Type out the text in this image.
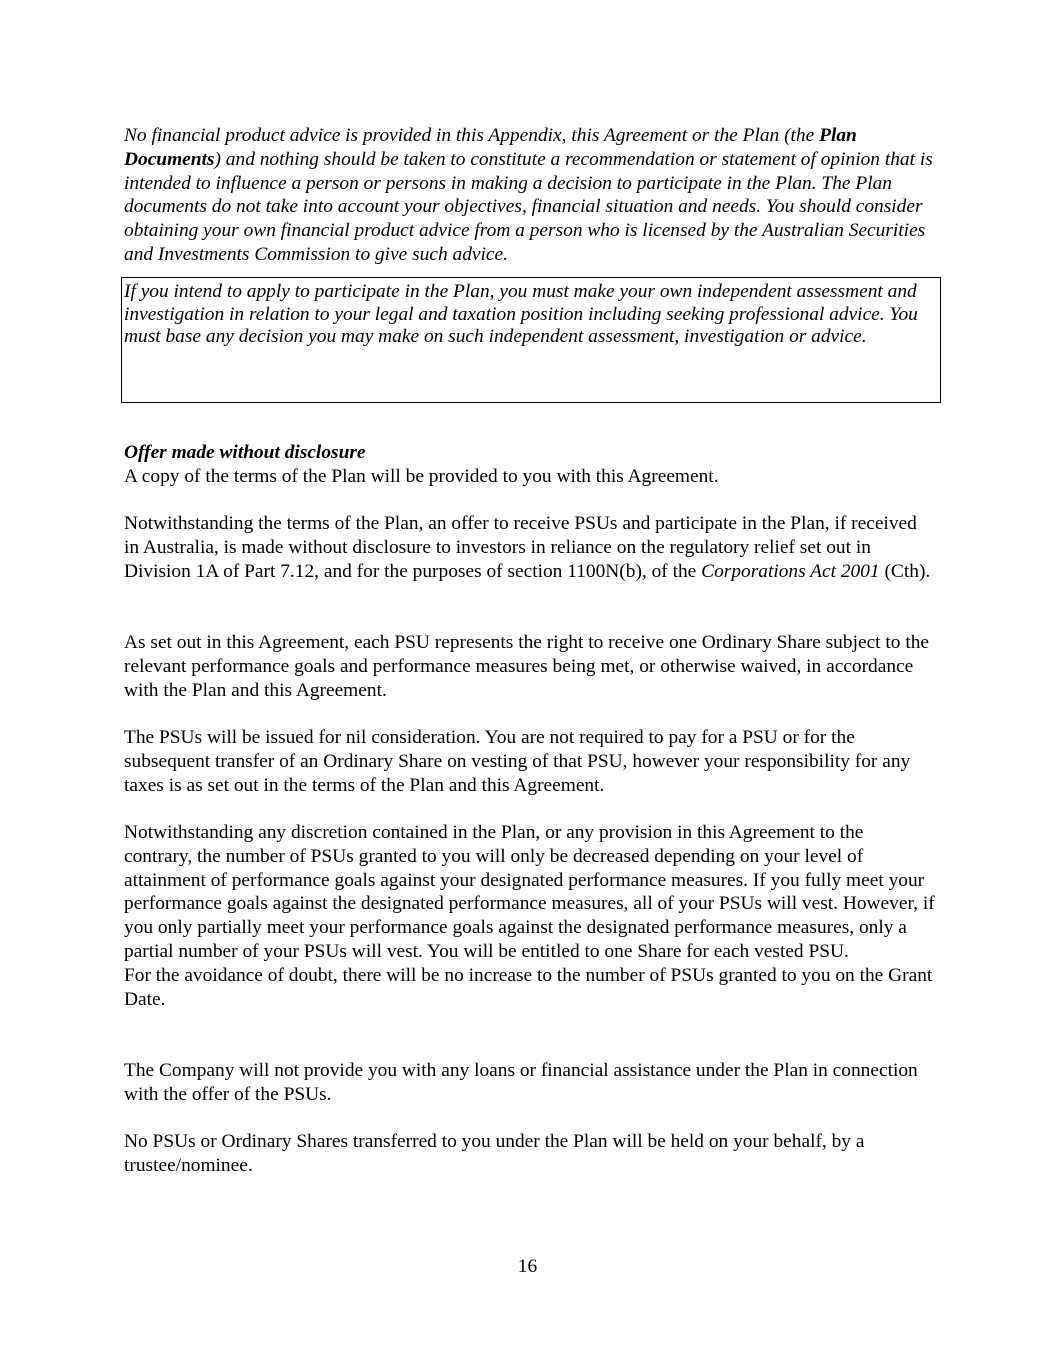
No financial product advice is provided in this Appendix, this Agreement or the Plan (the Plan Documents) and nothing should be taken to constitute a recommendation or statement of opinion that is intended to influence a person or persons in making a decision to participate in the Plan. The Plan documents do not take into account your objectives, financial situation and needs. You should consider obtaining your own financial product advice from a person who is licensed by the Australian Securities and Investments Commission to give such advice.

If you intend to apply to participate in the Plan, you must make your own independent assessment and investigation in relation to your legal and taxation position including seeking professional advice. You must base any decision you may make on such independent assessment, investigation or advice.

Offer made without disclosure
A copy of the terms of the Plan will be provided to you with this Agreement.

Notwithstanding the terms of the Plan, an offer to receive PSUs and participate in the Plan, if received in Australia, is made without disclosure to investors in reliance on the regulatory relief set out in Division 1A of Part 7.12, and for the purposes of section 1100N(b), of the Corporations Act 2001 (Cth).

As set out in this Agreement, each PSU represents the right to receive one Ordinary Share subject to the relevant performance goals and performance measures being met, or otherwise waived, in accordance with the Plan and this Agreement.

The PSUs will be issued for nil consideration. You are not required to pay for a PSU or for the subsequent transfer of an Ordinary Share on vesting of that PSU, however your responsibility for any taxes is as set out in the terms of the Plan and this Agreement.

Notwithstanding any discretion contained in the Plan, or any provision in this Agreement to the contrary, the number of PSUs granted to you will only be decreased depending on your level of attainment of performance goals against your designated performance measures. If you fully meet your performance goals against the designated performance measures, all of your PSUs will vest. However, if you only partially meet your performance goals against the designated performance measures, only a partial number of your PSUs will vest. You will be entitled to one Share for each vested PSU.

For the avoidance of doubt, there will be no increase to the number of PSUs granted to you on the Grant Date.

The Company will not provide you with any loans or financial assistance under the Plan in connection with the offer of the PSUs.

No PSUs or Ordinary Shares transferred to you under the Plan will be held on your behalf, by a trustee/nominee.

16
